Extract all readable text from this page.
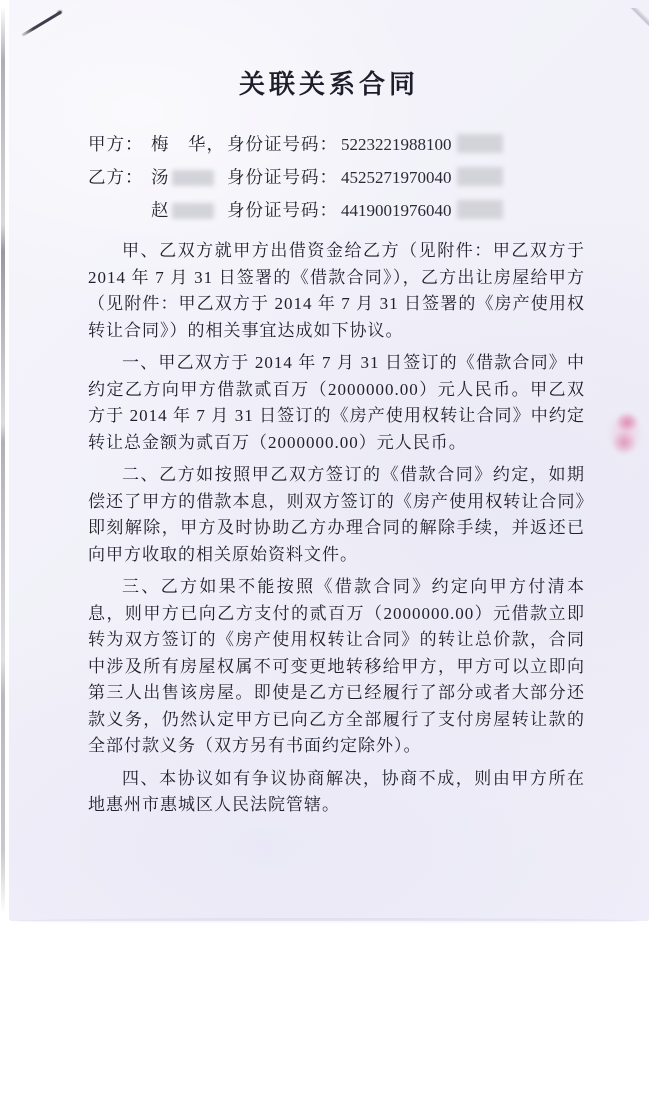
关联关系合同
甲方： 梅　华， 身份证号码： 5223221988100
乙方： 汤	身份证号码： 4525271970040
赵	身份证号码： 4419001976040

甲、乙双方就甲方出借资金给乙方（见附件：甲乙双方于 2014 年 7 月 31 日签署的《借款合同》），乙方出让房屋给甲方（见附件：甲乙双方于 2014 年 7 月 31 日签署的《房产使用权转让合同》）的相关事宜达成如下协议。

一、甲乙双方于 2014 年 7 月 31 日签订的《借款合同》中约定乙方向甲方借款贰百万（2000000.00）元人民币。甲乙双方于 2014 年 7 月 31 日签订的《房产使用权转让合同》中约定转让总金额为贰百万（2000000.00）元人民币。

二、乙方如按照甲乙双方签订的《借款合同》约定，如期偿还了甲方的借款本息，则双方签订的《房产使用权转让合同》即刻解除，甲方及时协助乙方办理合同的解除手续，并返还已向甲方收取的相关原始资料文件。

三、乙方如果不能按照《借款合同》约定向甲方付清本息，则甲方已向乙方支付的贰百万（2000000.00）元借款立即转为双方签订的《房产使用权转让合同》的转让总价款，合同中涉及所有房屋权属不可变更地转移给甲方，甲方可以立即向第三人出售该房屋。即使是乙方已经履行了部分或者大部分还款义务，仍然认定甲方已向乙方全部履行了支付房屋转让款的全部付款义务（双方另有书面约定除外）。

四、本协议如有争议协商解决，协商不成，则由甲方所在地惠州市惠城区人民法院管辖。
